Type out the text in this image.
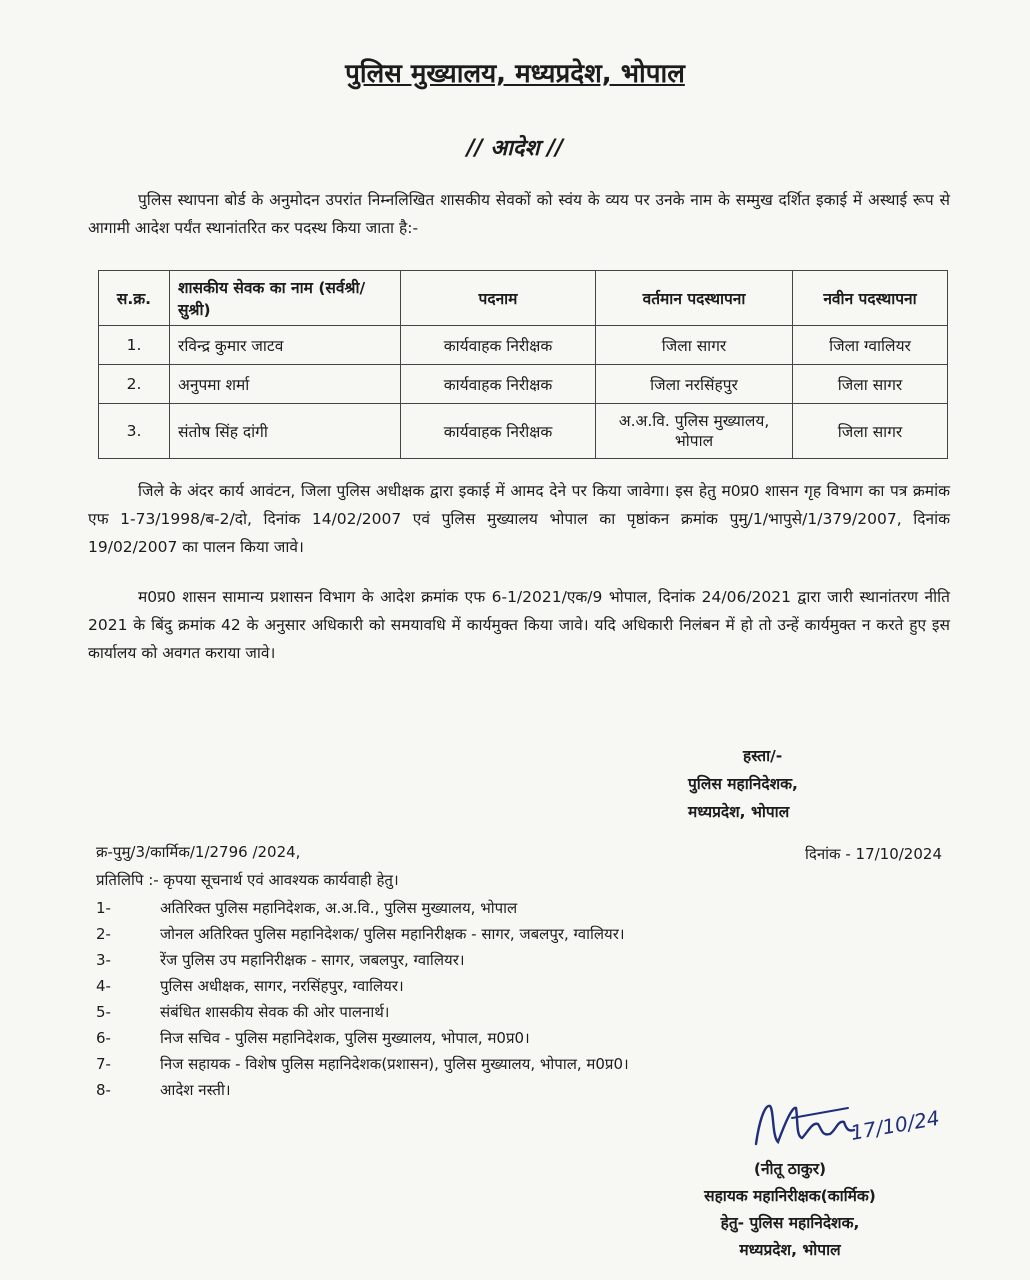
पुलिस मुख्यालय, मध्यप्रदेश, भोपाल
// आदेश //
पुलिस स्थापना बोर्ड के अनुमोदन उपरांत निम्नलिखित शासकीय सेवकों को स्वंय के व्यय पर उनके नाम के सम्मुख दर्शित इकाई में अस्थाई रूप से आगामी आदेश पर्यंत स्थानांतरित कर पदस्थ किया जाता है:-
स.क्र.	शासकीय सेवक का नाम (सर्वश्री/सुश्री)	पदनाम	वर्तमान पदस्थापना	नवीन पदस्थापना
1.	रविन्द्र कुमार जाटव	कार्यवाहक निरीक्षक	जिला सागर	जिला ग्वालियर
2.	अनुपमा शर्मा	कार्यवाहक निरीक्षक	जिला नरसिंहपुर	जिला सागर
3.	संतोष सिंह दांगी	कार्यवाहक निरीक्षक	अ.अ.वि. पुलिस मुख्यालय, भोपाल	जिला सागर
जिले के अंदर कार्य आवंटन, जिला पुलिस अधीक्षक द्वारा इकाई में आमद देने पर किया जावेगा। इस हेतु म0प्र0 शासन गृह विभाग का पत्र क्रमांक एफ 1-73/1998/ब-2/दो, दिनांक 14/02/2007 एवं पुलिस मुख्यालय भोपाल का पृष्ठांकन क्रमांक पुमु/1/भापुसे/1/379/2007, दिनांक 19/02/2007 का पालन किया जावे।
म0प्र0 शासन सामान्य प्रशासन विभाग के आदेश क्रमांक एफ 6-1/2021/एक/9 भोपाल, दिनांक 24/06/2021 द्वारा जारी स्थानांतरण नीति 2021 के बिंदु क्रमांक 42 के अनुसार अधिकारी को समयावधि में कार्यमुक्त किया जावे। यदि अधिकारी निलंबन में हो तो उन्हें कार्यमुक्त न करते हुए इस कार्यालय को अवगत कराया जावे।
हस्ता/-
पुलिस महानिदेशक,
मध्यप्रदेश, भोपाल
क्र-पुमु/3/कार्मिक/1/2796 /2024,	दिनांक - 17/10/2024
प्रतिलिपि :- कृपया सूचनार्थ एवं आवश्यक कार्यवाही हेतु।
1-	अतिरिक्त पुलिस महानिदेशक, अ.अ.वि., पुलिस मुख्यालय, भोपाल
2-	जोनल अतिरिक्त पुलिस महानिदेशक/ पुलिस महानिरीक्षक - सागर, जबलपुर, ग्वालियर।
3-	रेंज पुलिस उप महानिरीक्षक - सागर, जबलपुर, ग्वालियर।
4-	पुलिस अधीक्षक, सागर, नरसिंहपुर, ग्वालियर।
5-	संबंधित शासकीय सेवक की ओर पालनार्थ।
6-	निज सचिव - पुलिस महानिदेशक, पुलिस मुख्यालय, भोपाल, म0प्र0।
7-	निज सहायक - विशेष पुलिस महानिदेशक(प्रशासन), पुलिस मुख्यालय, भोपाल, म0प्र0।
8-	आदेश नस्ती।
17/10/24
(नीतू ठाकुर)
सहायक महानिरीक्षक(कार्मिक)
हेतु- पुलिस महानिदेशक,
मध्यप्रदेश, भोपाल
